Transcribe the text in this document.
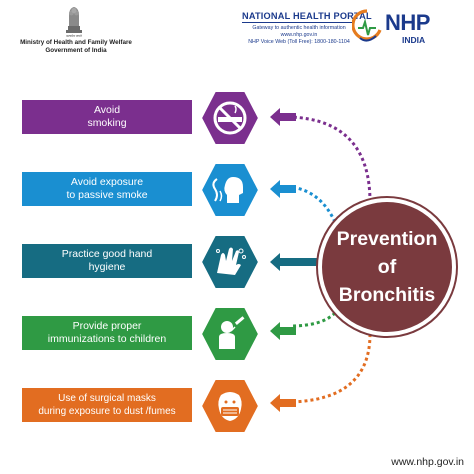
सत्यमेव जयते
Ministry of Health and Family Welfare
Government of India
NATIONAL HEALTH PORTAL
Gateway to authentic health information
www.nhp.gov.in
NHP Voice Web (Toll Free): 1800-180-1104
NHP
INDIA
Avoid
smoking
Avoid exposure
to passive smoke
Practice good hand
hygiene
Provide proper
immunizations to children
Use of surgical masks
during exposure to dust /fumes
Prevention
of
Bronchitis
www.nhp.gov.in
